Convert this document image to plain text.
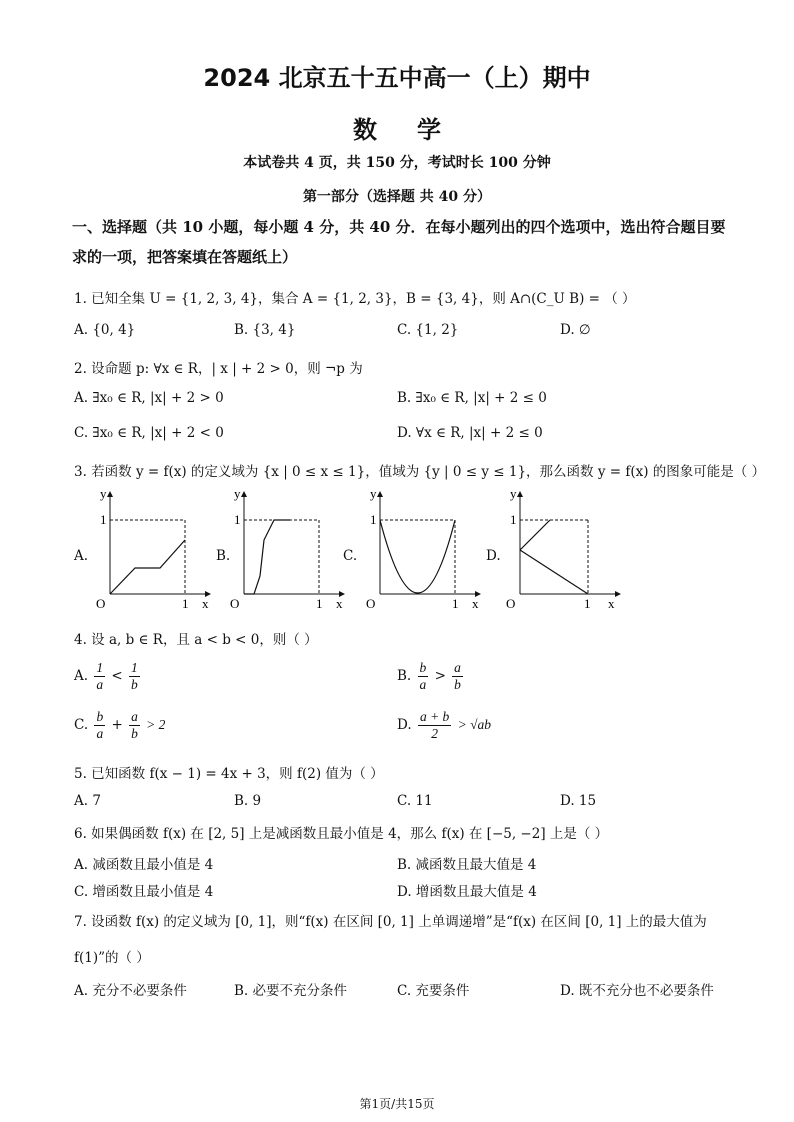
2024 北京五十五中高一（上）期中
数学
本试卷共 4 页，共 150 分，考试时长 100 分钟
第一部分（选择题 共 40 分）
一、选择题（共 10 小题，每小题 4 分，共 40 分．在每小题列出的四个选项中，选出符合题目要求的一项，把答案填在答题纸上）
1. 已知全集 U = {1, 2, 3, 4}，集合 A = {1, 2, 3}，B = {3, 4}，则 A∩(C_U B) = （ ）
A. {0, 4}	B. {3, 4}	C. {1, 2}	D. ∅
2. 设命题 p: ∀x ∈ R，| x | + 2 > 0，则 ¬p 为
A. ∃x₀ ∈ R, |x| + 2 > 0	B. ∃x₀ ∈ R, |x| + 2 ≤ 0
C. ∃x₀ ∈ R, |x| + 2 < 0	D. ∀x ∈ R, |x| + 2 ≤ 0
3. 若函数 y = f(x) 的定义域为 {x | 0 ≤ x ≤ 1}，值域为 {y | 0 ≤ y ≤ 1}，那么函数 y = f(x) 的图象可能是（ ）
A.
y
1
O	1 x
B.
y
1
O	1 x
C.
y
1
O	1 x
D.
y
1
O	1 x
4. 设 a, b ∈ R，且 a < b < 0，则（ ）
A. $\frac{1}{a} < \frac{1}{b}$	B. $\frac{b}{a} > \frac{a}{b}$
C. $\frac{b}{a} + \frac{a}{b} > 2$	D. $\frac{a + b}{2} > √ab$
5. 已知函数 f(x − 1) = 4x + 3，则 f(2) 值为（ ）
A. 7	B. 9	C. 11	D. 15
6. 如果偶函数 f(x) 在 [2, 5] 上是减函数且最小值是 4，那么 f(x) 在 [−5, −2] 上是（ ）
A. 减函数且最小值是 4	B. 减函数且最大值是 4
C. 增函数且最小值是 4	D. 增函数且最大值是 4
7. 设函数 f(x) 的定义域为 [0, 1]，则“f(x) 在区间 [0, 1] 上单调递增”是“f(x) 在区间 [0, 1] 上的最大值为
f(1)”的（ ）
A. 充分不必要条件	B. 必要不充分条件	C. 充要条件	D. 既不充分也不必要条件
第1页/共15页
